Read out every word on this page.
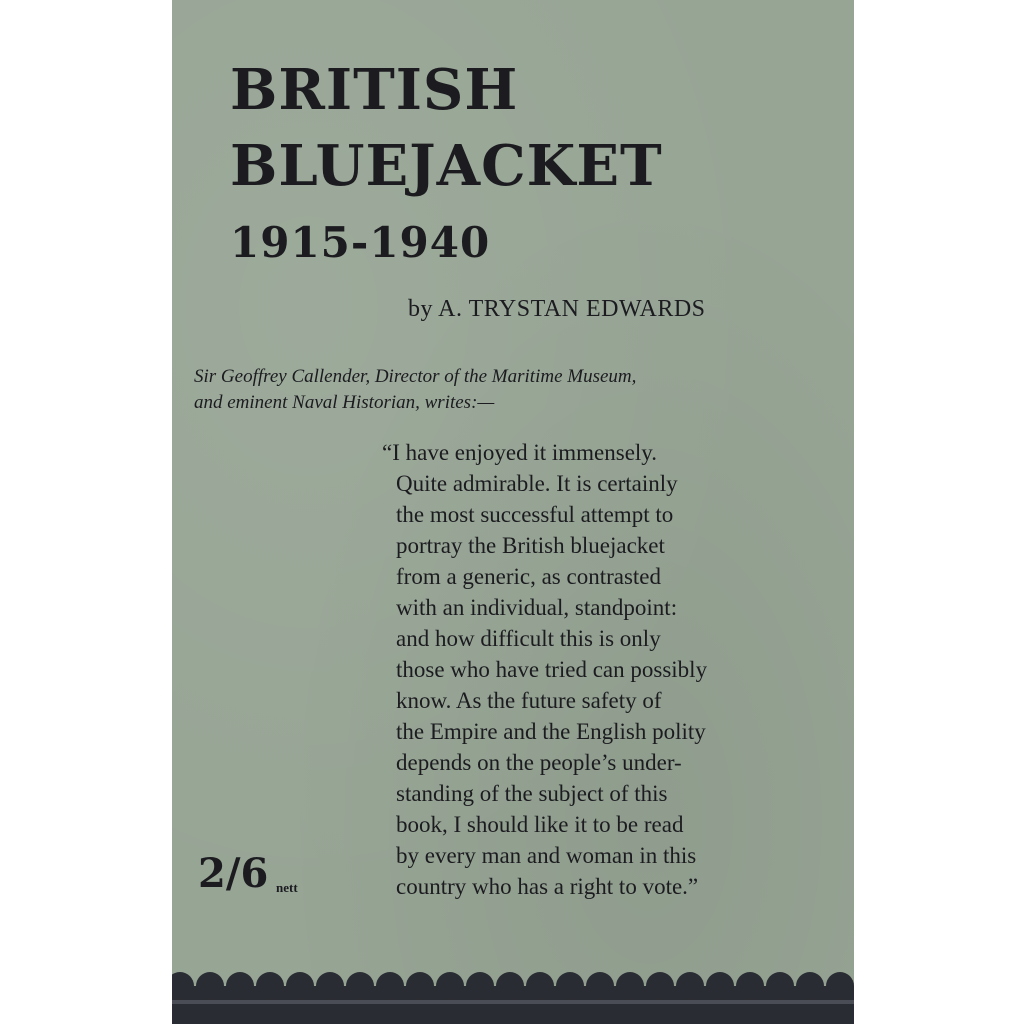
BRITISH
BLUEJACKET
1915-1940

by A. TRYSTAN EDWARDS

Sir Geoffrey Callender, Director of the Maritime Museum,
and eminent Naval Historian, writes:—

“I have enjoyed it immensely.
Quite admirable. It is certainly
the most successful attempt to
portray the British bluejacket
from a generic, as contrasted
with an individual, standpoint:
and how difficult this is only
those who have tried can possibly
know. As the future safety of
the Empire and the English polity
depends on the people’s under-
standing of the subject of this
book, I should like it to be read
by every man and woman in this
country who has a right to vote.”

2/6 nett
